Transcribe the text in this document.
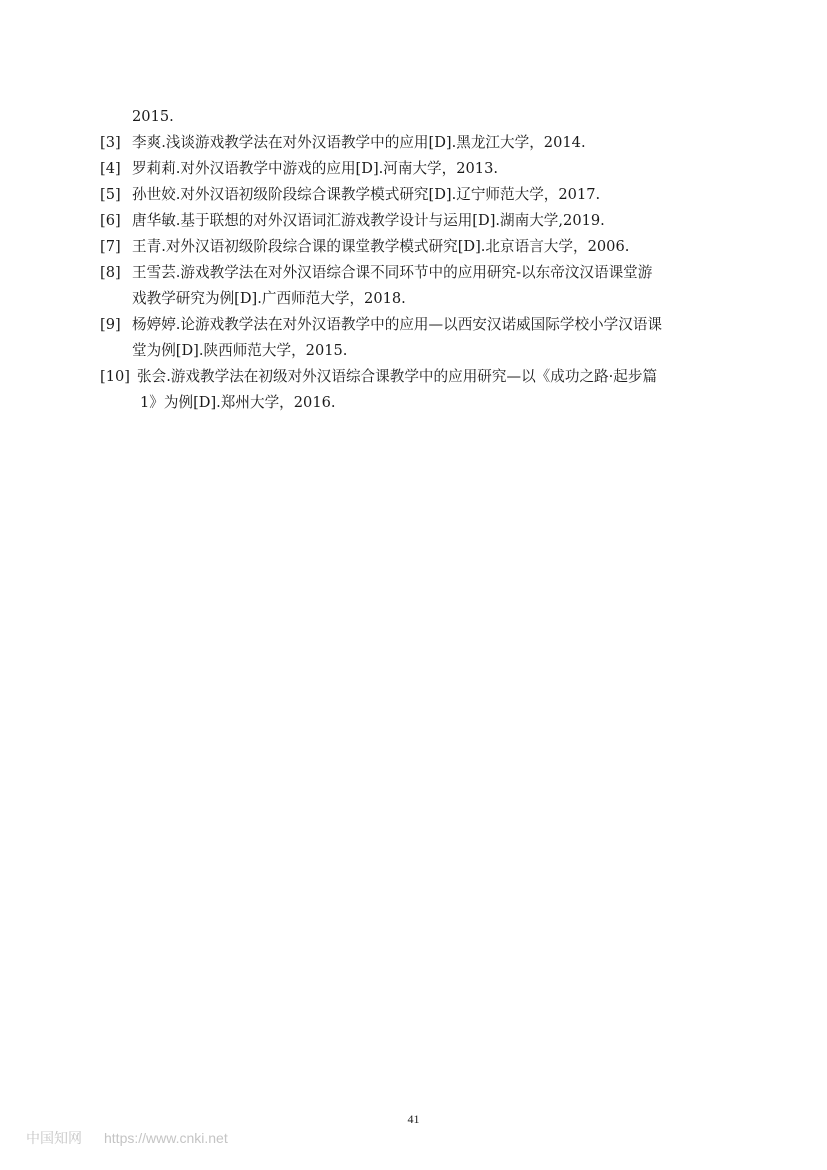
2015.
[3] 李爽.浅谈游戏教学法在对外汉语教学中的应用[D].黑龙江大学，2014.
[4] 罗莉莉.对外汉语教学中游戏的应用[D].河南大学，2013.
[5] 孙世姣.对外汉语初级阶段综合课教学模式研究[D].辽宁师范大学，2017.
[6] 唐华敏.基于联想的对外汉语词汇游戏教学设计与运用[D].湖南大学,2019.
[7] 王青.对外汉语初级阶段综合课的课堂教学模式研究[D].北京语言大学，2006.
[8] 王雪芸.游戏教学法在对外汉语综合课不同环节中的应用研究-以东帝汶汉语课堂游
戏教学研究为例[D].广西师范大学，2018.
[9] 杨婷婷.论游戏教学法在对外汉语教学中的应用—以西安汉诺威国际学校小学汉语课
堂为例[D].陕西师范大学，2015.
[10] 张会.游戏教学法在初级对外汉语综合课教学中的应用研究—以《成功之路·起步篇
1》为例[D].郑州大学，2016.
41
中国知网 https://www.cnki.net
